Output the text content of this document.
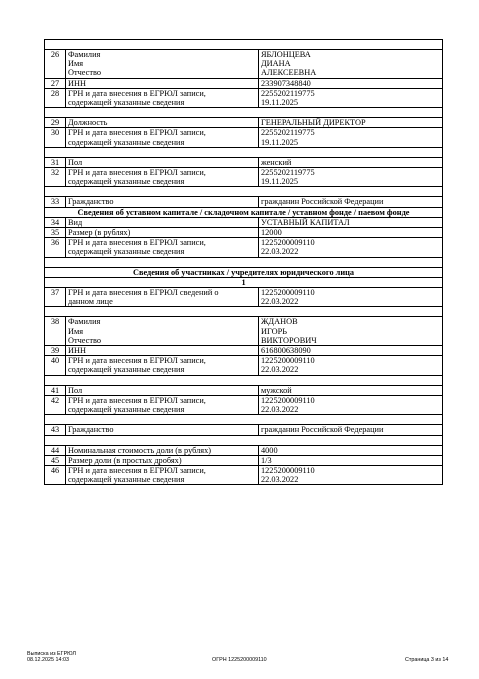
26	Фамилия
Имя
Отчество	ЯБЛОНЦЕВА
ДИАНА
АЛЕКСЕЕВНА

27	ИНН	233907348840
28	ГРН и дата внесения в ЕГРЮЛ записи,
содержащей указанные сведения	2255202119775
19.11.2025

29	Должность	ГЕНЕРАЛЬНЫЙ ДИРЕКТОР
30	ГРН и дата внесения в ЕГРЮЛ записи,
содержащей указанные сведения	2255202119775
19.11.2025

31	Пол	женский
32	ГРН и дата внесения в ЕГРЮЛ записи,
содержащей указанные сведения	2255202119775
19.11.2025

33	Гражданство	гражданин Российской Федерации
Сведения об уставном капитале / складочном капитале / уставном фонде / паевом фонде		
34	Вид	УСТАВНЫЙ КАПИТАЛ
35	Размер (в рублях)	12000
36	ГРН и дата внесения в ЕГРЮЛ записи,
содержащей указанные сведения	1225200009110
22.03.2022

Сведения об участниках / учредителях юридического лица		
1		
37	ГРН и дата внесения в ЕГРЮЛ сведений о
данном лице	1225200009110
22.03.2022

38	Фамилия
Имя
Отчество	ЖДАНОВ
ИГОРЬ
ВИКТОРОВИЧ

39	ИНН	616800638090
40	ГРН и дата внесения в ЕГРЮЛ записи,
содержащей указанные сведения	1225200009110
22.03.2022

41	Пол	мужской
42	ГРН и дата внесения в ЕГРЮЛ записи,
содержащей указанные сведения	1225200009110
22.03.2022

43	Гражданство	гражданин Российской Федерации

44	Номинальная стоимость доли (в рублях)	4000
45	Размер доли (в простых дробях)	1/3
46	ГРН и дата внесения в ЕГРЮЛ записи,
содержащей указанные сведения	1225200009110
22.03.2022
Выписка из ЕГРЮЛ
08.12.2025 14:03	ОГРН 1225200009110	Страница 3 из 14
